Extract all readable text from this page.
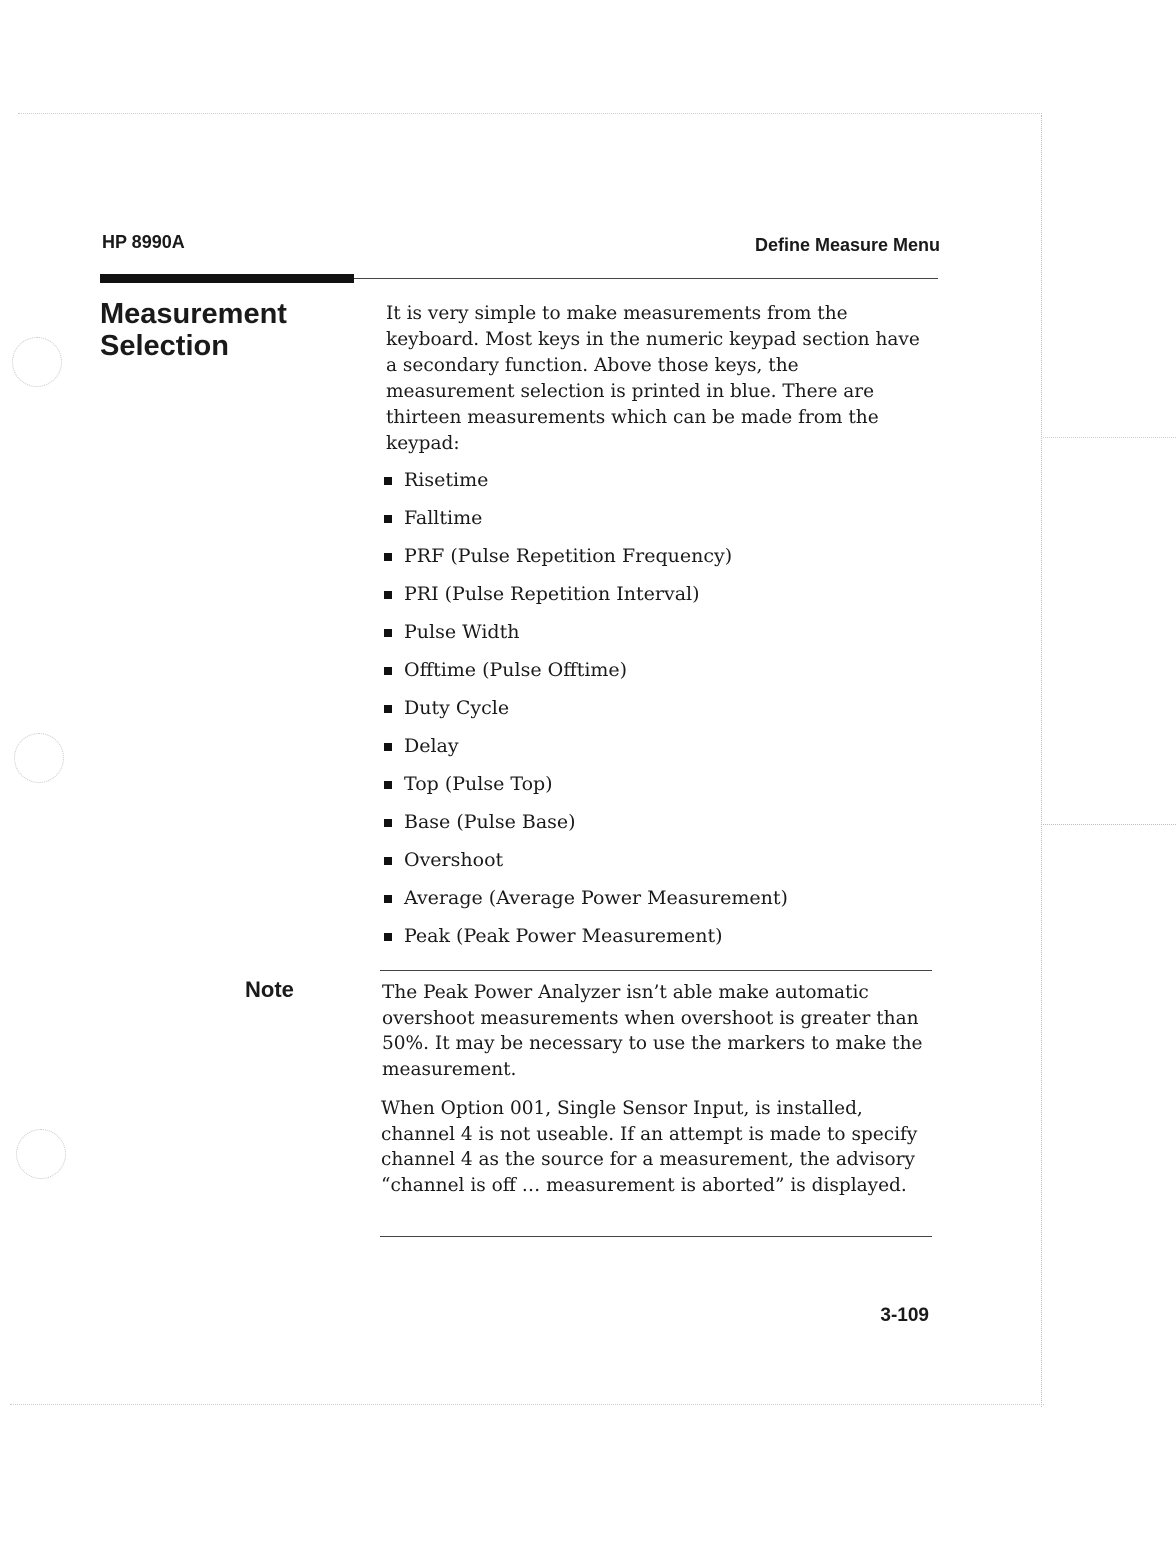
HP 8990A	Define Measure Menu
Measurement
Selection

It is very simple to make measurements from the keyboard. Most keys in the numeric keypad section have a secondary function. Above those keys, the measurement selection is printed in blue. There are thirteen measurements which can be made from the keypad:

Risetime
Falltime
PRF (Pulse Repetition Frequency)
PRI (Pulse Repetition Interval)
Pulse Width
Offtime (Pulse Offtime)
Duty Cycle
Delay
Top (Pulse Top)
Base (Pulse Base)
Overshoot
Average (Average Power Measurement)
Peak (Peak Power Measurement)
Note	The Peak Power Analyzer isn’t able make automatic overshoot measurements when overshoot is greater than 50%. It may be necessary to use the markers to make the measurement.

When Option 001, Single Sensor Input, is installed, channel 4 is not useable. If an attempt is made to specify channel 4 as the source for a measurement, the advisory “channel is off … measurement is aborted” is displayed.

3-109
